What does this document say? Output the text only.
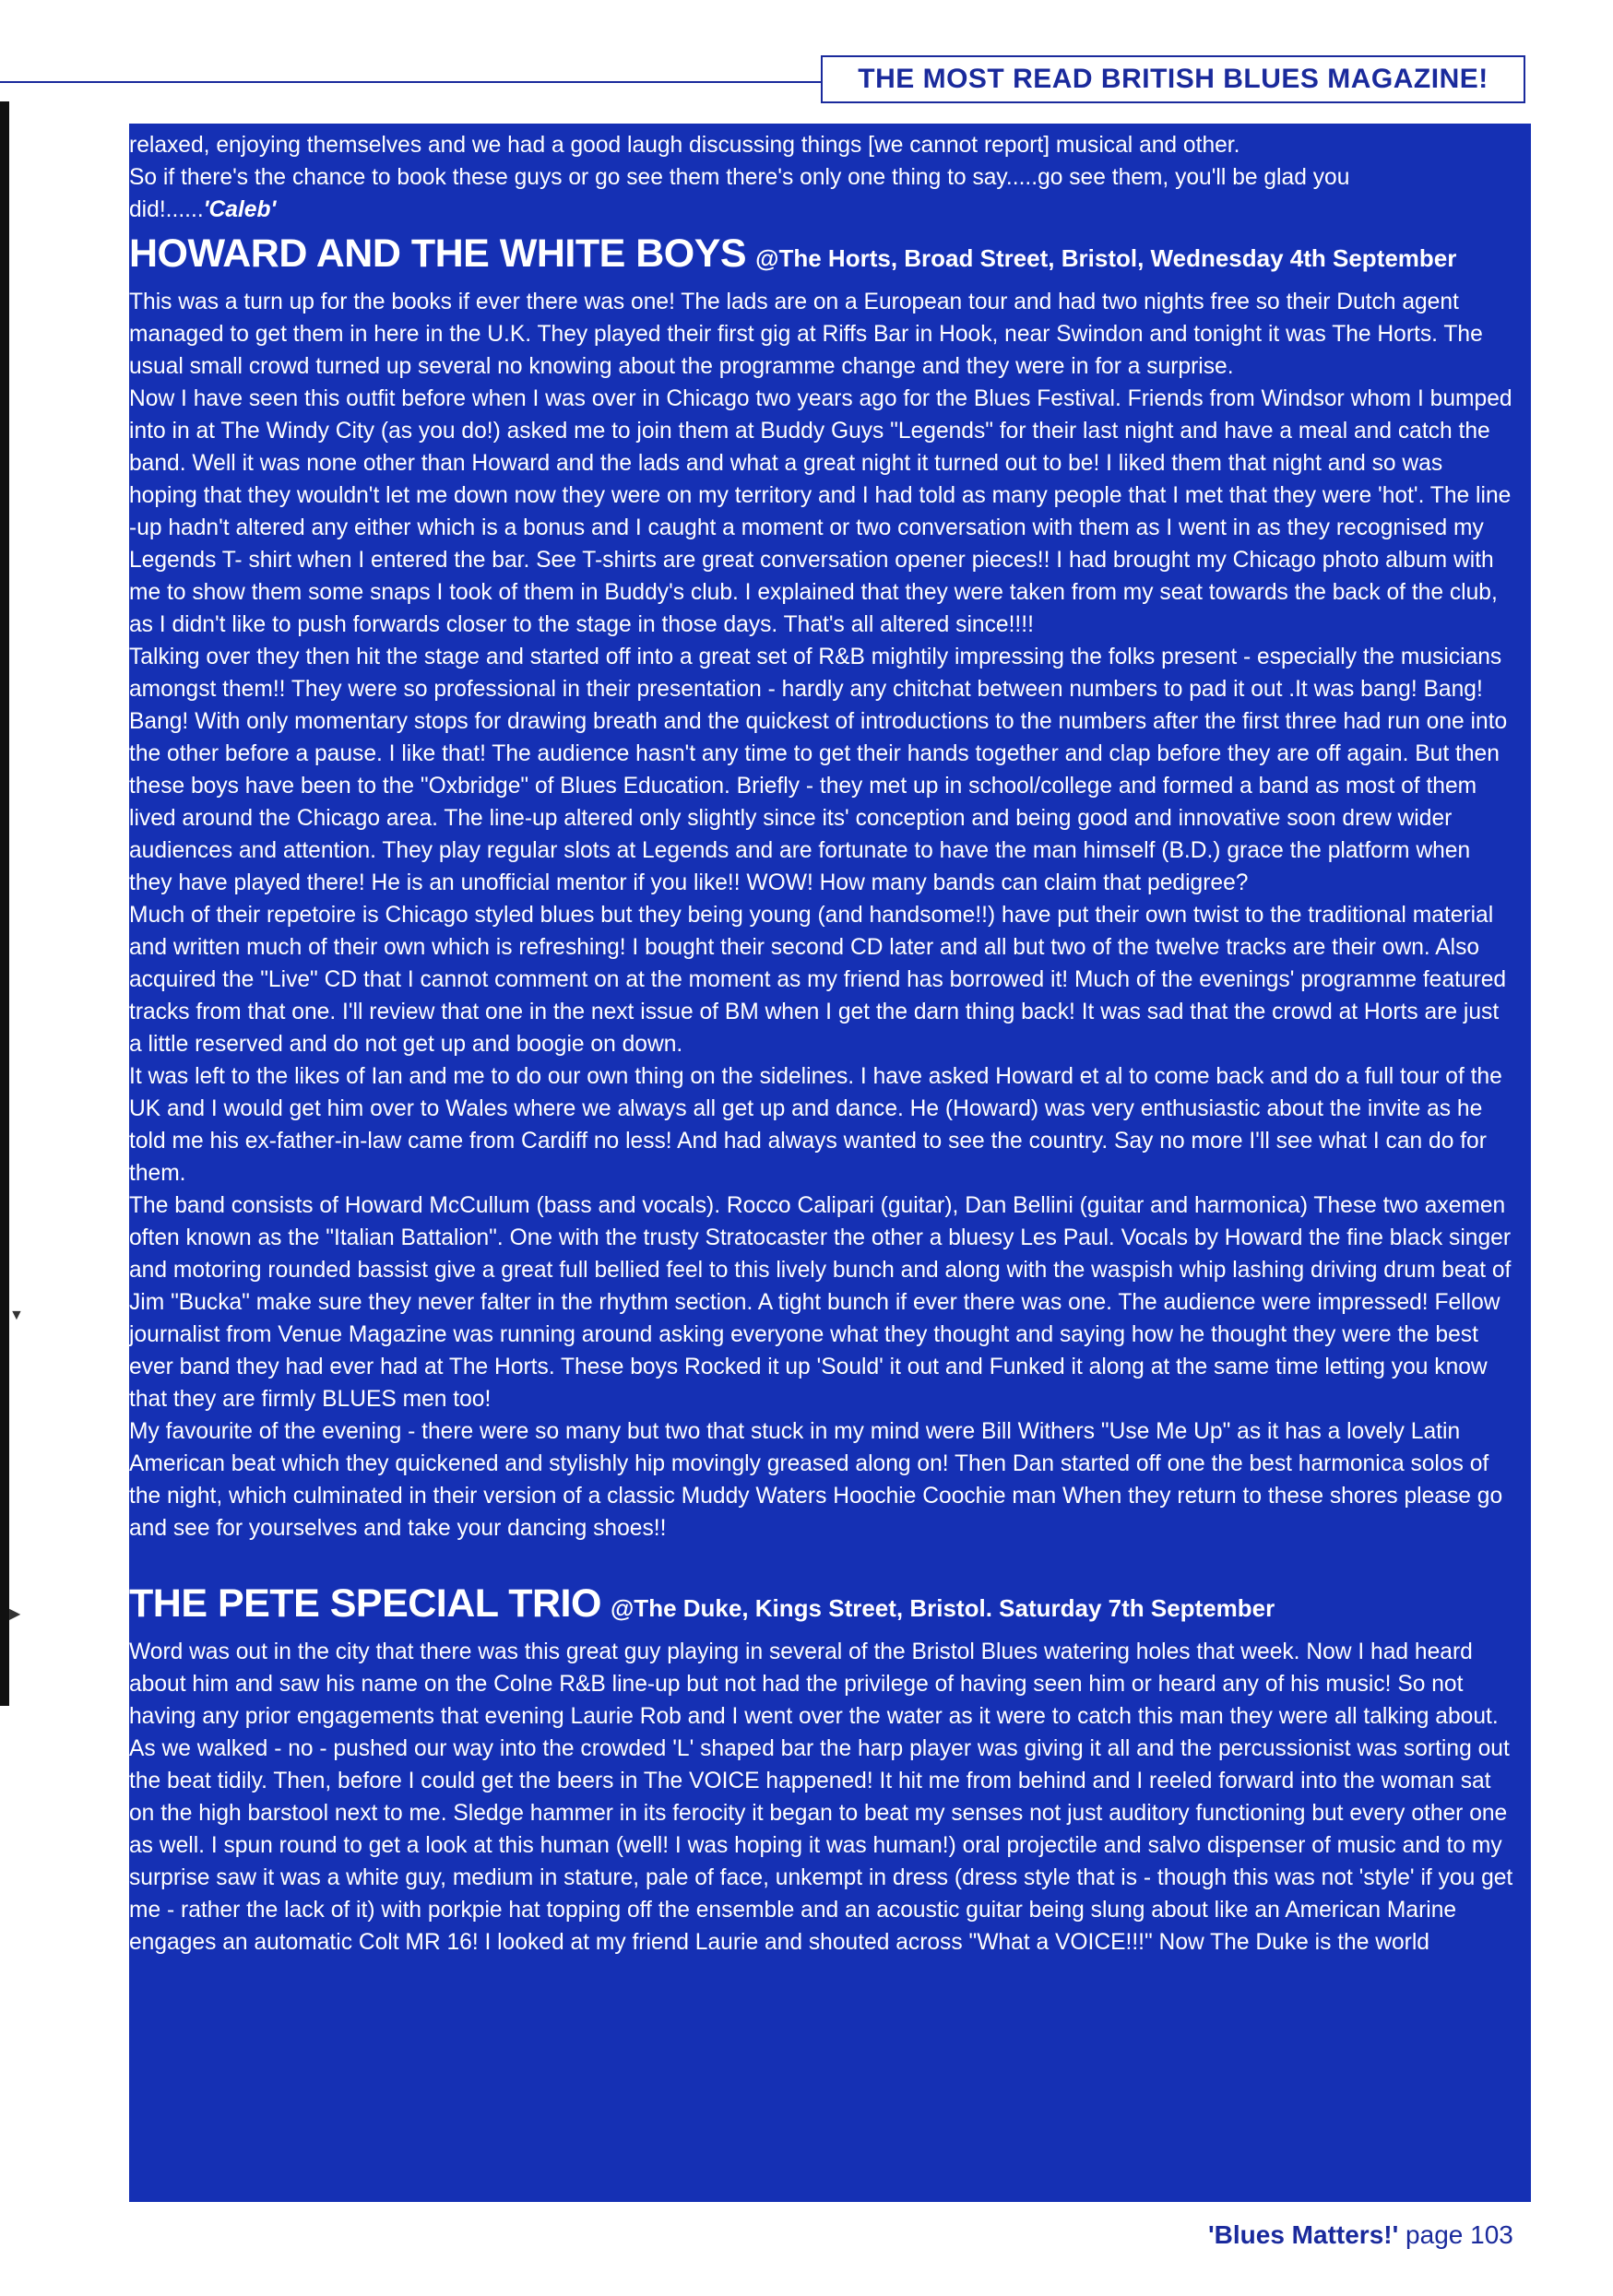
THE MOST READ BRITISH BLUES MAGAZINE!
▼
▶

relaxed, enjoying themselves and we had a good laugh discussing things [we cannot report] musical and other.

So if there's the chance to book these guys or go see them there's only one thing to say.....go see them, you'll be glad you

did!......'Caleb'

HOWARD AND THE WHITE BOYS @The Horts, Broad Street, Bristol, Wednesday 4th September

This was a turn up for the books if ever there was one! The lads are on a European tour and had two nights free so their Dutch agent managed to get them in here in the U.K. They played their first gig at Riffs Bar in Hook, near Swindon and tonight it was The Horts. The usual small crowd turned up several no knowing about the programme change and they were in for a surprise.

Now I have seen this outfit before when I was over in Chicago two years ago for the Blues Festival. Friends from Windsor whom I bumped into in at The Windy City (as you do!) asked me to join them at Buddy Guys "Legends" for their last night and have a meal and catch the band. Well it was none other than Howard and the lads and what a great night it turned out to be! I liked them that night and so was hoping that they wouldn't let me down now they were on my territory and I had told as many people that I met that they were 'hot'. The line -up hadn't altered any either which is a bonus and I caught a moment or two conversation with them as I went in as they recognised my Legends T- shirt when I entered the bar. See T-shirts are great conversation opener pieces!! I had brought my Chicago photo album with me to show them some snaps I took of them in Buddy's club. I explained that they were taken from my seat towards the back of the club, as I didn't like to push forwards closer to the stage in those days. That's all altered since!!!!

Talking over they then hit the stage and started off into a great set of R&B mightily impressing the folks present - especially the musicians amongst them!! They were so professional in their presentation - hardly any chitchat between numbers to pad it out .It was bang! Bang! Bang! With only momentary stops for drawing breath and the quickest of introductions to the numbers after the first three had run one into the other before a pause. I like that! The audience hasn't any time to get their hands together and clap before they are off again. But then these boys have been to the "Oxbridge" of Blues Education. Briefly - they met up in school/college and formed a band as most of them lived around the Chicago area. The line-up altered only slightly since its' conception and being good and innovative soon drew wider audiences and attention. They play regular slots at Legends and are fortunate to have the man himself (B.D.) grace the platform when they have played there! He is an unofficial mentor if you like!! WOW! How many bands can claim that pedigree?

Much of their repetoire is Chicago styled blues but they being young (and handsome!!) have put their own twist to the traditional material and written much of their own which is refreshing! I bought their second CD later and all but two of the twelve tracks are their own. Also acquired the "Live" CD that I cannot comment on at the moment as my friend has borrowed it! Much of the evenings' programme featured tracks from that one. I'll review that one in the next issue of BM when I get the darn thing back! It was sad that the crowd at Horts are just a little reserved and do not get up and boogie on down.

It was left to the likes of Ian and me to do our own thing on the sidelines. I have asked Howard et al to come back and do a full tour of the UK and I would get him over to Wales where we always all get up and dance. He (Howard) was very enthusiastic about the invite as he told me his ex-father-in-law came from Cardiff no less! And had always wanted to see the country. Say no more I'll see what I can do for them.

The band consists of Howard McCullum (bass and vocals). Rocco Calipari (guitar), Dan Bellini (guitar and harmonica) These two axemen often known as the "Italian Battalion". One with the trusty Stratocaster the other a bluesy Les Paul. Vocals by Howard the fine black singer and motoring rounded bassist give a great full bellied feel to this lively bunch and along with the waspish whip lashing driving drum beat of Jim "Bucka" make sure they never falter in the rhythm section. A tight bunch if ever there was one. The audience were impressed! Fellow journalist from Venue Magazine was running around asking everyone what they thought and saying how he thought they were the best ever band they had ever had at The Horts. These boys Rocked it up 'Sould' it out and Funked it along at the same time letting you know that they are firmly BLUES men too!

My favourite of the evening - there were so many but two that stuck in my mind were Bill Withers "Use Me Up" as it has a lovely Latin American beat which they quickened and stylishly hip movingly greased along on! Then Dan started off one the best harmonica solos of the night, which culminated in their version of a classic Muddy Waters Hoochie Coochie man When they return to these shores please go and see for yourselves and take your dancing shoes!!

THE PETE SPECIAL TRIO @The Duke, Kings Street, Bristol. Saturday 7th September

Word was out in the city that there was this great guy playing in several of the Bristol Blues watering holes that week. Now I had heard about him and saw his name on the Colne R&B line-up but not had the privilege of having seen him or heard any of his music! So not having any prior engagements that evening Laurie Rob and I went over the water as it were to catch this man they were all talking about.

As we walked - no - pushed our way into the crowded 'L' shaped bar the harp player was giving it all and the percussionist was sorting out the beat tidily. Then, before I could get the beers in The VOICE happened! It hit me from behind and I reeled forward into the woman sat on the high barstool next to me. Sledge hammer in its ferocity it began to beat my senses not just auditory functioning but every other one as well. I spun round to get a look at this human (well! I was hoping it was human!) oral projectile and salvo dispenser of music and to my surprise saw it was a white guy, medium in stature, pale of face, unkempt in dress (dress style that is - though this was not 'style' if you get me - rather the lack of it) with porkpie hat topping off the ensemble and an acoustic guitar being slung about like an American Marine engages an automatic Colt MR 16! I looked at my friend Laurie and shouted across "What a VOICE!!!" Now The Duke is the world

'Blues Matters!' page 103
